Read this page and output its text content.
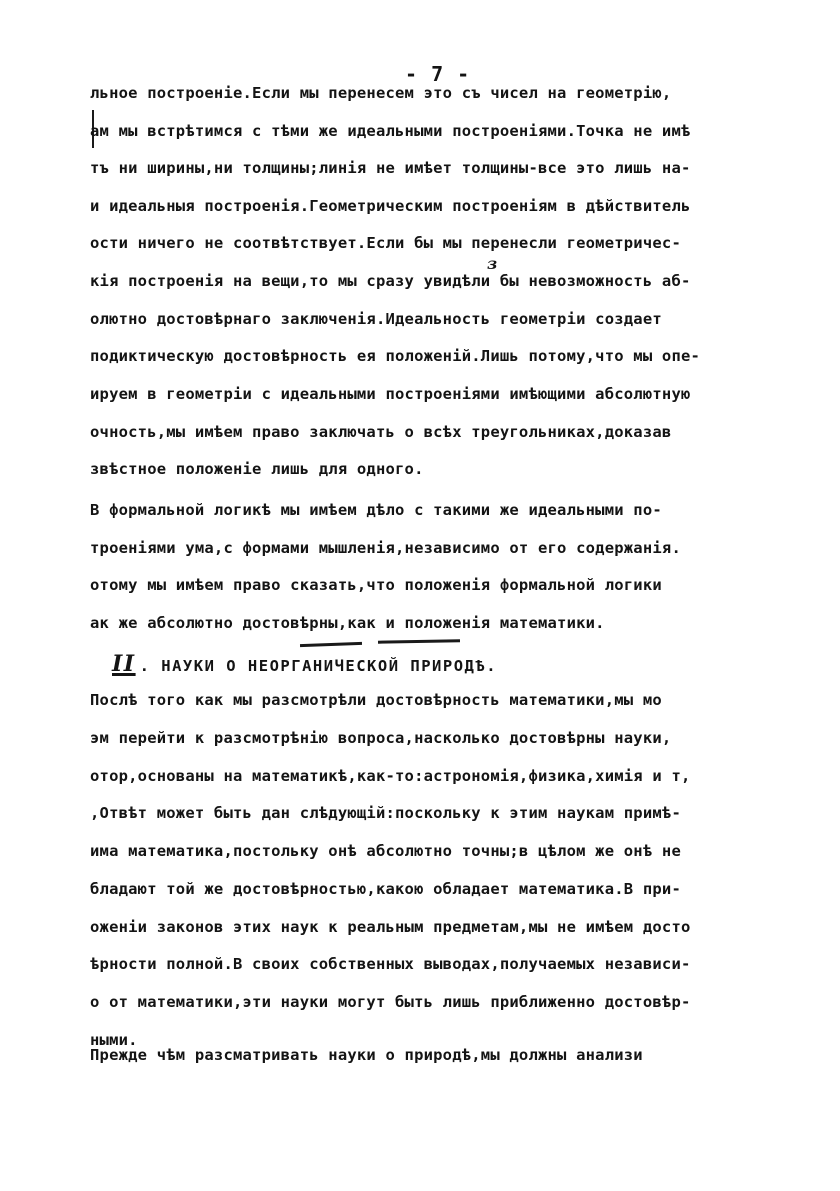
- 7 -
з
льное построеніе.Если мы перенесем это съ чисел на геометрію,
ам мы встрѣтимся с тѣми же идеальными построеніями.Точка не имѣ
тъ ни ширины,ни толщины;линія не имѣет толщины-все это лишь на-
и идеальныя построенія.Геометрическим построеніям в дѣйствитель
ости ничего не соотвѣтствует.Если бы мы перенесли геометричес-
кія построенія на вещи,то мы сразу увидѣли бы невозможность аб-
олютно достовѣрнаго заключенія.Идеальность геометріи создает
подиктическую достовѣрность ея положеній.Лишь потому,что мы опе-
ируем в геометріи с идеальными построеніями имѣющими абсолютную
очность,мы имѣем право заключать о всѣх треугольниках,доказав
звѣстное положеніе лишь для одного.
В формальной логикѣ мы имѣем дѣло с такими же идеальными по-
троеніями ума,с формами мышленія,независимо от его содержанія.
отому мы имѣем право сказать,что положенія формальной логики
ак же абсолютно достовѣрны,как и положенія математики.
II . НАУКИ О НЕОРГАНИЧЕСКОЙ ПРИРОДѢ.
Послѣ того как мы разсмотрѣли достовѣрность математики,мы мо
эм перейти к разсмотрѣнію вопроса,насколько достовѣрны науки,
отор,основаны на математикѣ,как-то:астрономія,физика,химія и т,
,Отвѣт может быть дан слѣдующій:поскольку к этим наукам примѣ-
има математика,постольку онѣ абсолютно точны;в цѣлом же онѣ не
бладают той же достовѣрностью,какою обладает математика.В при-
оженіи законов этих наук к реальным предметам,мы не имѣем досто
ѣрности полной.В своих собственных выводах,получаемых независи-
о от математики,эти науки могут быть лишь приближенно достовѣр-
ными.
Прежде чѣм разсматривать науки о природѣ,мы должны анализи
